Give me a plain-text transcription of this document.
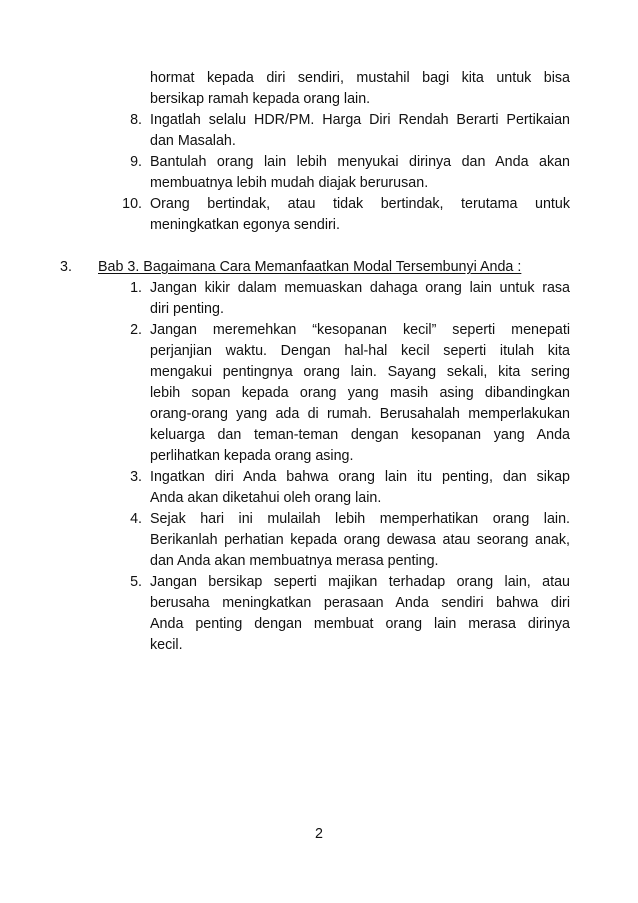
hormat kepada diri sendiri, mustahil bagi kita untuk bisa
bersikap ramah kepada orang lain.
8. Ingatlah selalu HDR/PM. Harga Diri Rendah Berarti Pertikaian
dan Masalah.
9. Bantulah orang lain lebih menyukai dirinya dan Anda akan
membuatnya lebih mudah diajak berurusan.
10. Orang bertindak, atau tidak bertindak, terutama untuk
meningkatkan egonya sendiri.
3.	Bab 3. Bagaimana Cara Memanfaatkan Modal Tersembunyi Anda :
1. Jangan kikir dalam memuaskan dahaga orang lain untuk rasa
diri penting.
2. Jangan meremehkan “kesopanan kecil” seperti menepati
perjanjian waktu. Dengan hal-hal kecil seperti itulah kita
mengakui pentingnya orang lain. Sayang sekali, kita sering
lebih sopan kepada orang yang masih asing dibandingkan
orang-orang yang ada di rumah. Berusahalah memperlakukan
keluarga dan teman-teman dengan kesopanan yang Anda
perlihatkan kepada orang asing.
3. Ingatkan diri Anda bahwa orang lain itu penting, dan sikap
Anda akan diketahui oleh orang lain.
4. Sejak hari ini mulailah lebih memperhatikan orang lain.
Berikanlah perhatian kepada orang dewasa atau seorang anak,
dan Anda akan membuatnya merasa penting.
5. Jangan bersikap seperti majikan terhadap orang lain, atau
berusaha meningkatkan perasaan Anda sendiri bahwa diri
Anda penting dengan membuat orang lain merasa dirinya
kecil.
2
